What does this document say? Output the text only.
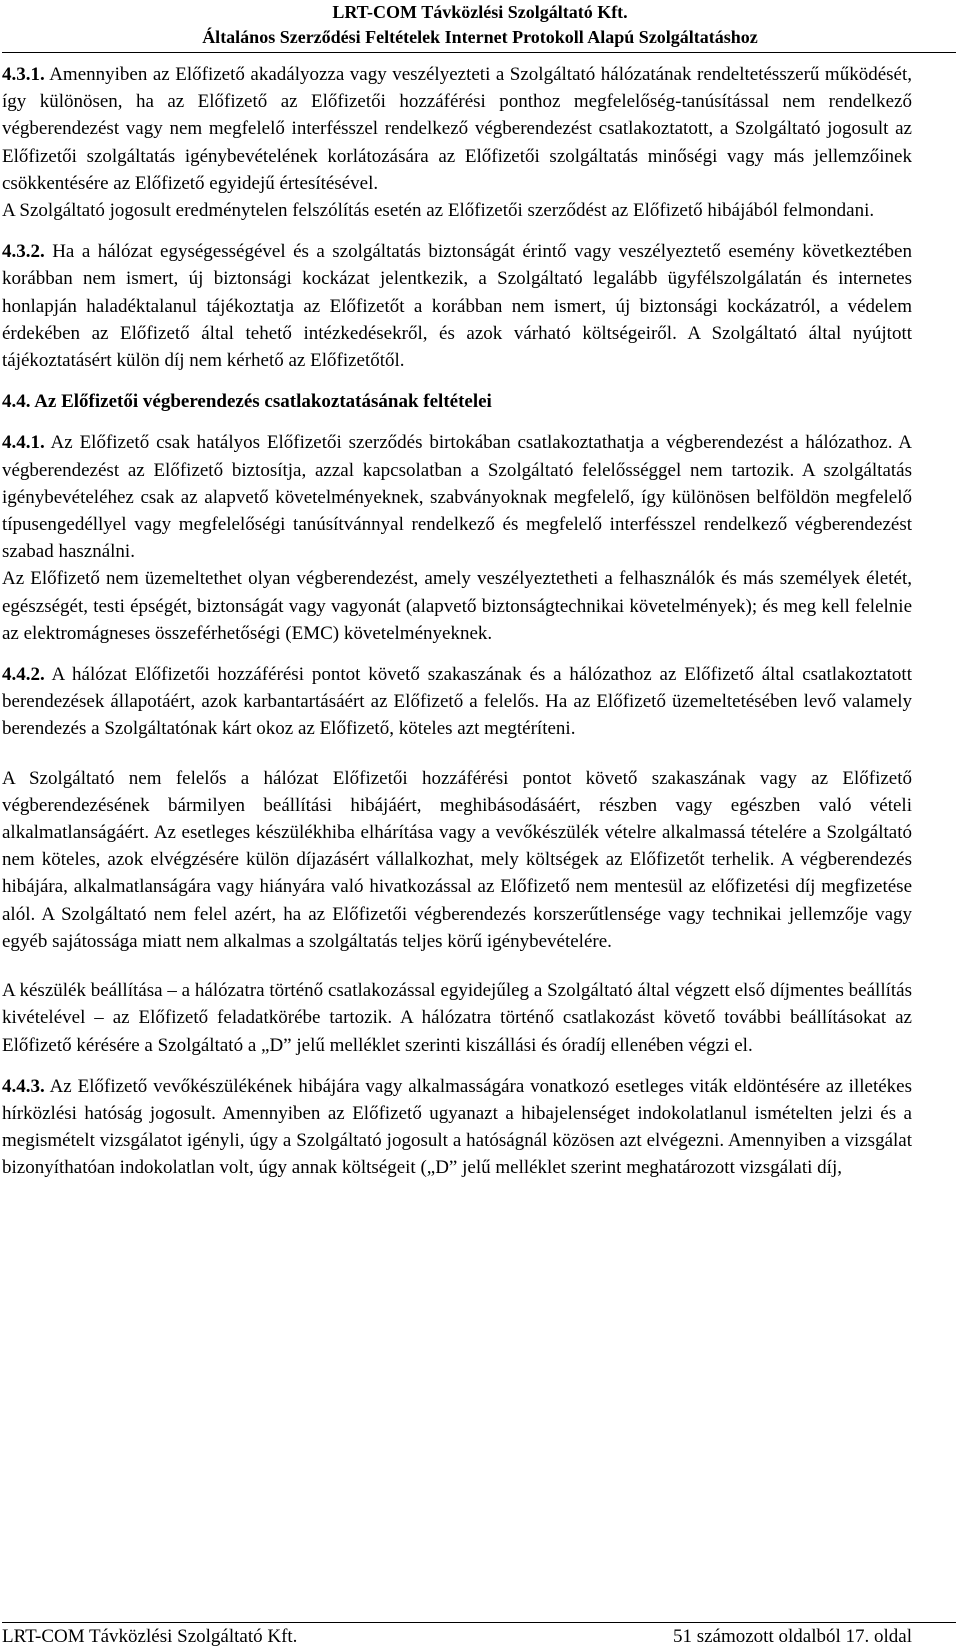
LRT-COM Távközlési Szolgáltató Kft.
Általános Szerződési Feltételek Internet Protokoll Alapú Szolgáltatáshoz

4.3.1. Amennyiben az Előfizető akadályozza vagy veszélyezteti a Szolgáltató hálózatának rendeltetésszerű működését, így különösen, ha az Előfizető az Előfizetői hozzáférési ponthoz megfelelőség-tanúsítással nem rendelkező végberendezést vagy nem megfelelő interfésszel rendelkező végberendezést csatlakoztatott, a Szolgáltató jogosult az Előfizetői szolgáltatás igénybevételének korlátozására az Előfizetői szolgáltatás minőségi vagy más jellemzőinek csökkentésére az Előfizető egyidejű értesítésével.

A Szolgáltató jogosult eredménytelen felszólítás esetén az Előfizetői szerződést az Előfizető hibájából felmondani.

4.3.2. Ha a hálózat egységességével és a szolgáltatás biztonságát érintő vagy veszélyeztető esemény következtében korábban nem ismert, új biztonsági kockázat jelentkezik, a Szolgáltató legalább ügyfélszolgálatán és internetes honlapján haladéktalanul tájékoztatja az Előfizetőt a korábban nem ismert, új biztonsági kockázatról, a védelem érdekében az Előfizető által tehető intézkedésekről, és azok várható költségeiről. A Szolgáltató által nyújtott tájékoztatásért külön díj nem kérhető az Előfizetőtől.

4.4. Az Előfizetői végberendezés csatlakoztatásának feltételei

4.4.1. Az Előfizető csak hatályos Előfizetői szerződés birtokában csatlakoztathatja a végberendezést a hálózathoz. A végberendezést az Előfizető biztosítja, azzal kapcsolatban a Szolgáltató felelősséggel nem tartozik. A szolgáltatás igénybevételéhez csak az alapvető követelményeknek, szabványoknak megfelelő, így különösen belföldön megfelelő típusengedéllyel vagy megfelelőségi tanúsítvánnyal rendelkező és megfelelő interfésszel rendelkező végberendezést szabad használni.

Az Előfizető nem üzemeltethet olyan végberendezést, amely veszélyeztetheti a felhasználók és más személyek életét, egészségét, testi épségét, biztonságát vagy vagyonát (alapvető biztonságtechnikai követelmények); és meg kell felelnie az elektromágneses összeférhetőségi (EMC) követelményeknek.

4.4.2. A hálózat Előfizetői hozzáférési pontot követő szakaszának és a hálózathoz az Előfizető által csatlakoztatott berendezések állapotáért, azok karbantartásáért az Előfizető a felelős. Ha az Előfizető üzemeltetésében levő valamely berendezés a Szolgáltatónak kárt okoz az Előfizető, köteles azt megtéríteni.

A Szolgáltató nem felelős a hálózat Előfizetői hozzáférési pontot követő szakaszának vagy az Előfizető végberendezésének bármilyen beállítási hibájáért, meghibásodásáért, részben vagy egészben való vételi alkalmatlanságáért. Az esetleges készülékhiba elhárítása vagy a vevőkészülék vételre alkalmassá tételére a Szolgáltató nem köteles, azok elvégzésére külön díjazásért vállalkozhat, mely költségek az Előfizetőt terhelik. A végberendezés hibájára, alkalmatlanságára vagy hiányára való hivatkozással az Előfizető nem mentesül az előfizetési díj megfizetése alól. A Szolgáltató nem felel azért, ha az Előfizetői végberendezés korszerűtlensége vagy technikai jellemzője vagy egyéb sajátossága miatt nem alkalmas a szolgáltatás teljes körű igénybevételére.

A készülék beállítása – a hálózatra történő csatlakozással egyidejűleg a Szolgáltató által végzett első díjmentes beállítás kivételével – az Előfizető feladatkörébe tartozik. A hálózatra történő csatlakozást követő további beállításokat az Előfizető kérésére a Szolgáltató a „D” jelű melléklet szerinti kiszállási és óradíj ellenében végzi el.

4.4.3. Az Előfizető vevőkészülékének hibájára vagy alkalmasságára vonatkozó esetleges viták eldöntésére az illetékes hírközlési hatóság jogosult. Amennyiben az Előfizető ugyanazt a hibajelenséget indokolatlanul ismételten jelzi és a megismételt vizsgálatot igényli, úgy a Szolgáltató jogosult a hatóságnál közösen azt elvégezni. Amennyiben a vizsgálat bizonyíthatóan indokolatlan volt, úgy annak költségeit („D” jelű melléklet szerint meghatározott vizsgálati díj,

LRT-COM Távközlési Szolgáltató Kft.	51 számozott oldalból 17. oldal
